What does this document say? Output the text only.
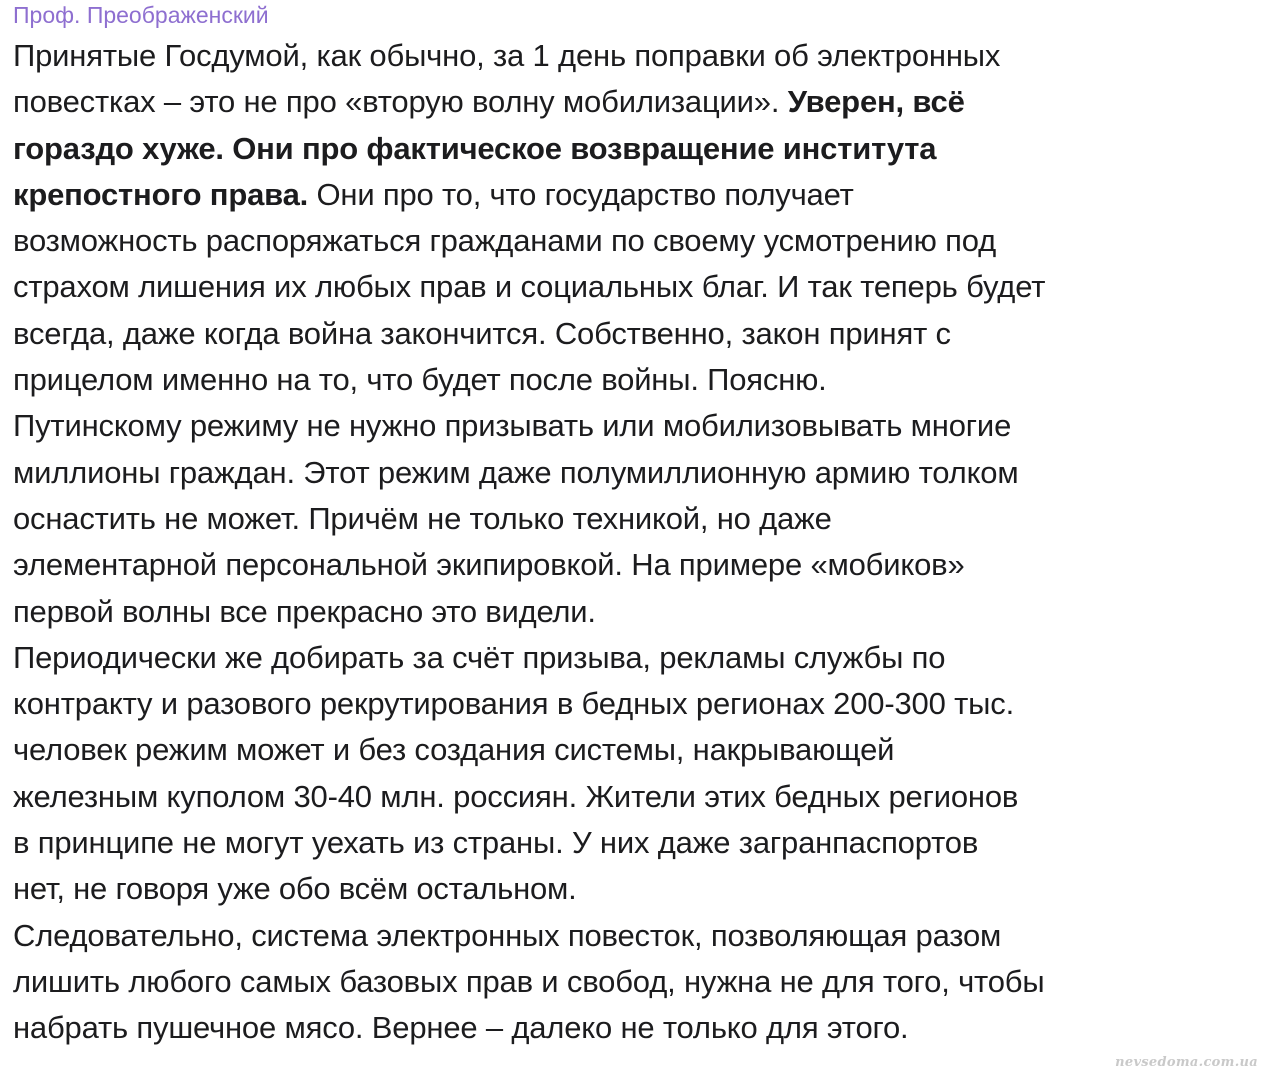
Проф. Преображенский
Принятые Госдумой, как обычно, за 1 день поправки об электронных
повестках – это не про «вторую волну мобилизации». Уверен, всё
гораздо хуже. Они про фактическое возвращение института
крепостного права. Они про то, что государство получает
возможность распоряжаться гражданами по своему усмотрению под
страхом лишения их любых прав и социальных благ. И так теперь будет
всегда, даже когда война закончится. Собственно, закон принят с
прицелом именно на то, что будет после войны. Поясню.
Путинскому режиму не нужно призывать или мобилизовывать многие
миллионы граждан. Этот режим даже полумиллионную армию толком
оснастить не может. Причём не только техникой, но даже
элементарной персональной экипировкой. На примере «мобиков»
первой волны все прекрасно это видели.
Периодически же добирать за счёт призыва, рекламы службы по
контракту и разового рекрутирования в бедных регионах 200-300 тыс.
человек режим может и без создания системы, накрывающей
железным куполом 30-40 млн. россиян. Жители этих бедных регионов
в принципе не могут уехать из страны. У них даже загранпаспортов
нет, не говоря уже обо всём остальном.
Следовательно, система электронных повесток, позволяющая разом
лишить любого самых базовых прав и свобод, нужна не для того, чтобы
набрать пушечное мясо. Вернее – далеко не только для этого.
nevsedoma.com.ua
